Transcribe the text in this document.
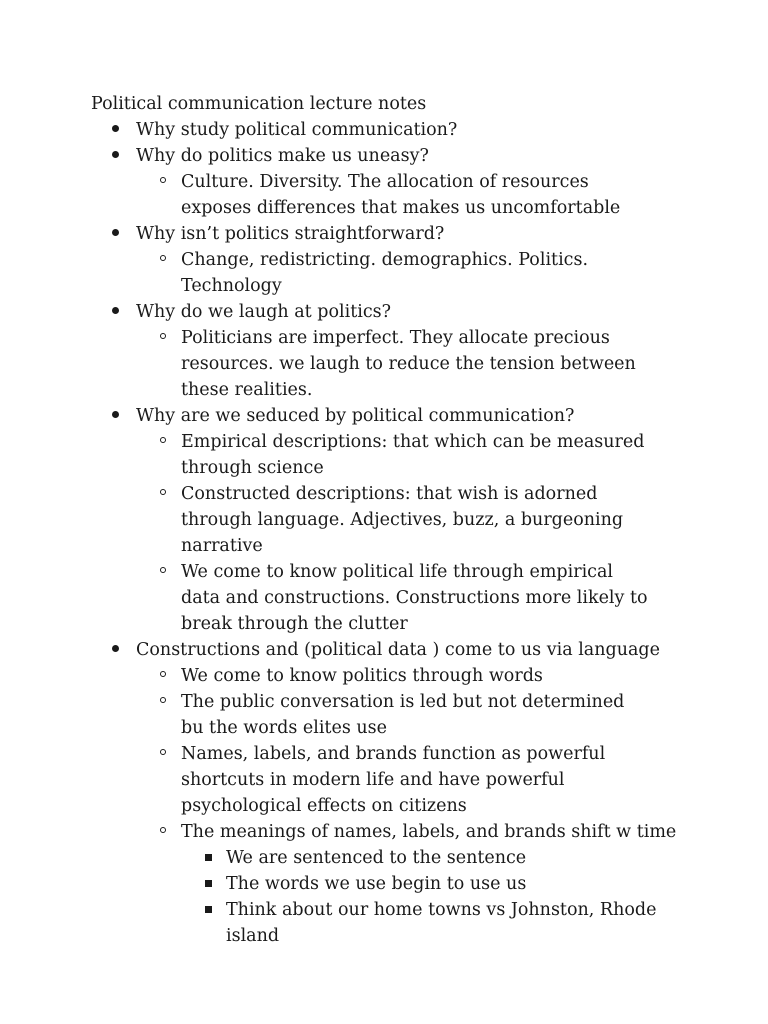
Political communication lecture notes
Why study political communication?
Why do politics make us uneasy?
Culture. Diversity. The allocation of resources exposes differences that makes us uncomfortable
Why isn’t politics straightforward?
Change, redistricting. demographics. Politics. Technology
Why do we laugh at politics?
Politicians are imperfect. They allocate precious resources. we laugh to reduce the tension between these realities.
Why are we seduced by political communication?
Empirical descriptions: that which can be measured through science
Constructed descriptions: that wish is adorned through language. Adjectives, buzz, a burgeoning narrative
We come to know political life through empirical data and constructions. Constructions more likely to break through the clutter
Constructions and (political data ) come to us via language
We come to know politics through words
The public conversation is led but not determined bu the words elites use
Names, labels, and brands function as powerful shortcuts in modern life and have powerful psychological effects on citizens
The meanings of names, labels, and brands shift w time
We are sentenced to the sentence
The words we use begin to use us
Think about our home towns vs Johnston, Rhode island
